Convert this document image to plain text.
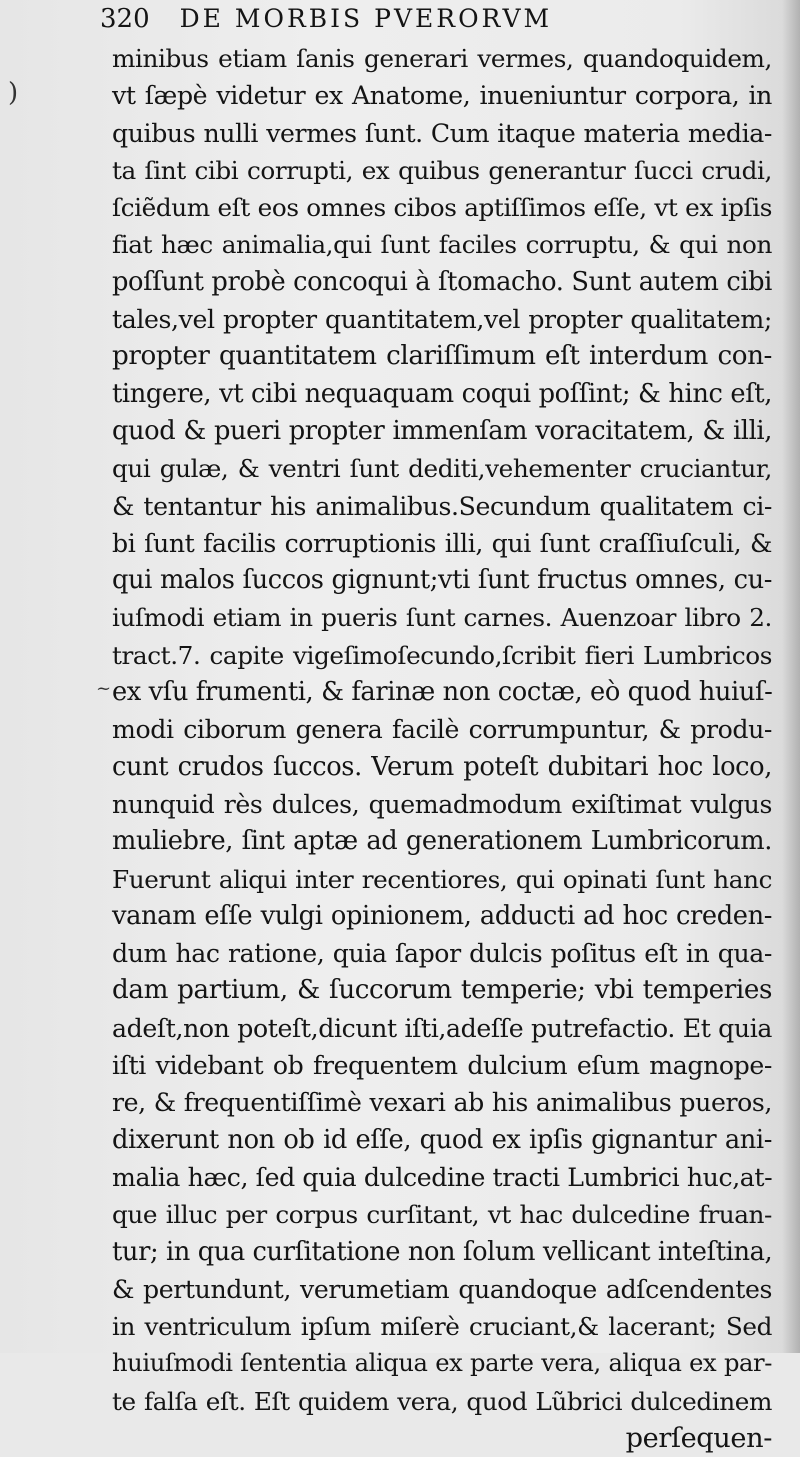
320 DE MORBIS PVERORVM
)
~
minibus etiam ſanis generari vermes, quandoquidem,
vt ſæpè videtur ex Anatome, inueniuntur corpora, in
quibus nulli vermes ſunt. Cum itaque materia media-
ta ſint cibi corrupti, ex quibus generantur ſucci crudi,
ſciẽdum eſt eos omnes cibos aptiſſimos eſſe, vt ex ipſis
fiat hæc animalia,qui ſunt faciles corruptu, & qui non
poſſunt probè concoqui à ſtomacho. Sunt autem cibi
tales,vel propter quantitatem,vel propter qualitatem;
propter quantitatem clariſſimum eſt interdum con-
tingere, vt cibi nequaquam coqui poſſint; & hinc eſt,
quod & pueri propter immenſam voracitatem, & illi,
qui gulæ, & ventri ſunt dediti,vehementer cruciantur,
& tentantur his animalibus.Secundum qualitatem ci-
bi ſunt facilis corruptionis illi, qui ſunt craſſiuſculi, &
qui malos ſuccos gignunt;vti ſunt fructus omnes, cu-
iuſmodi etiam in pueris ſunt carnes. Auenzoar libro 2.
tract.7. capite vigeſimoſecundo,ſcribit fieri Lumbricos
ex vſu frumenti, & farinæ non coctæ, eò quod huiuſ-
modi ciborum genera facilè corrumpuntur, & produ-
cunt crudos ſuccos. Verum poteſt dubitari hoc loco,
nunquid rès dulces, quemadmodum exiſtimat vulgus
muliebre, ſint aptæ ad generationem Lumbricorum.
Fuerunt aliqui inter recentiores, qui opinati ſunt hanc
vanam eſſe vulgi opinionem, adducti ad hoc creden-
dum hac ratione, quia ſapor dulcis poſitus eſt in qua-
dam partium, & ſuccorum temperie; vbi temperies
adeſt,non poteſt,dicunt iſti,adeſſe putrefactio. Et quia
iſti videbant ob frequentem dulcium eſum magnope-
re, & frequentiſſimè vexari ab his animalibus pueros,
dixerunt non ob id eſſe, quod ex ipſis gignantur ani-
malia hæc, ſed quia dulcedine tracti Lumbrici huc,at-
que illuc per corpus curſitant, vt hac dulcedine fruan-
tur; in qua curſitatione non ſolum vellicant inteſtina,
& pertundunt, verumetiam quandoque adſcendentes
in ventriculum ipſum miſerè cruciant,& lacerant; Sed
huiuſmodi ſententia aliqua ex parte vera, aliqua ex par-
te falſa eſt. Eſt quidem vera, quod Lũbrici dulcedinem
perſequen-
